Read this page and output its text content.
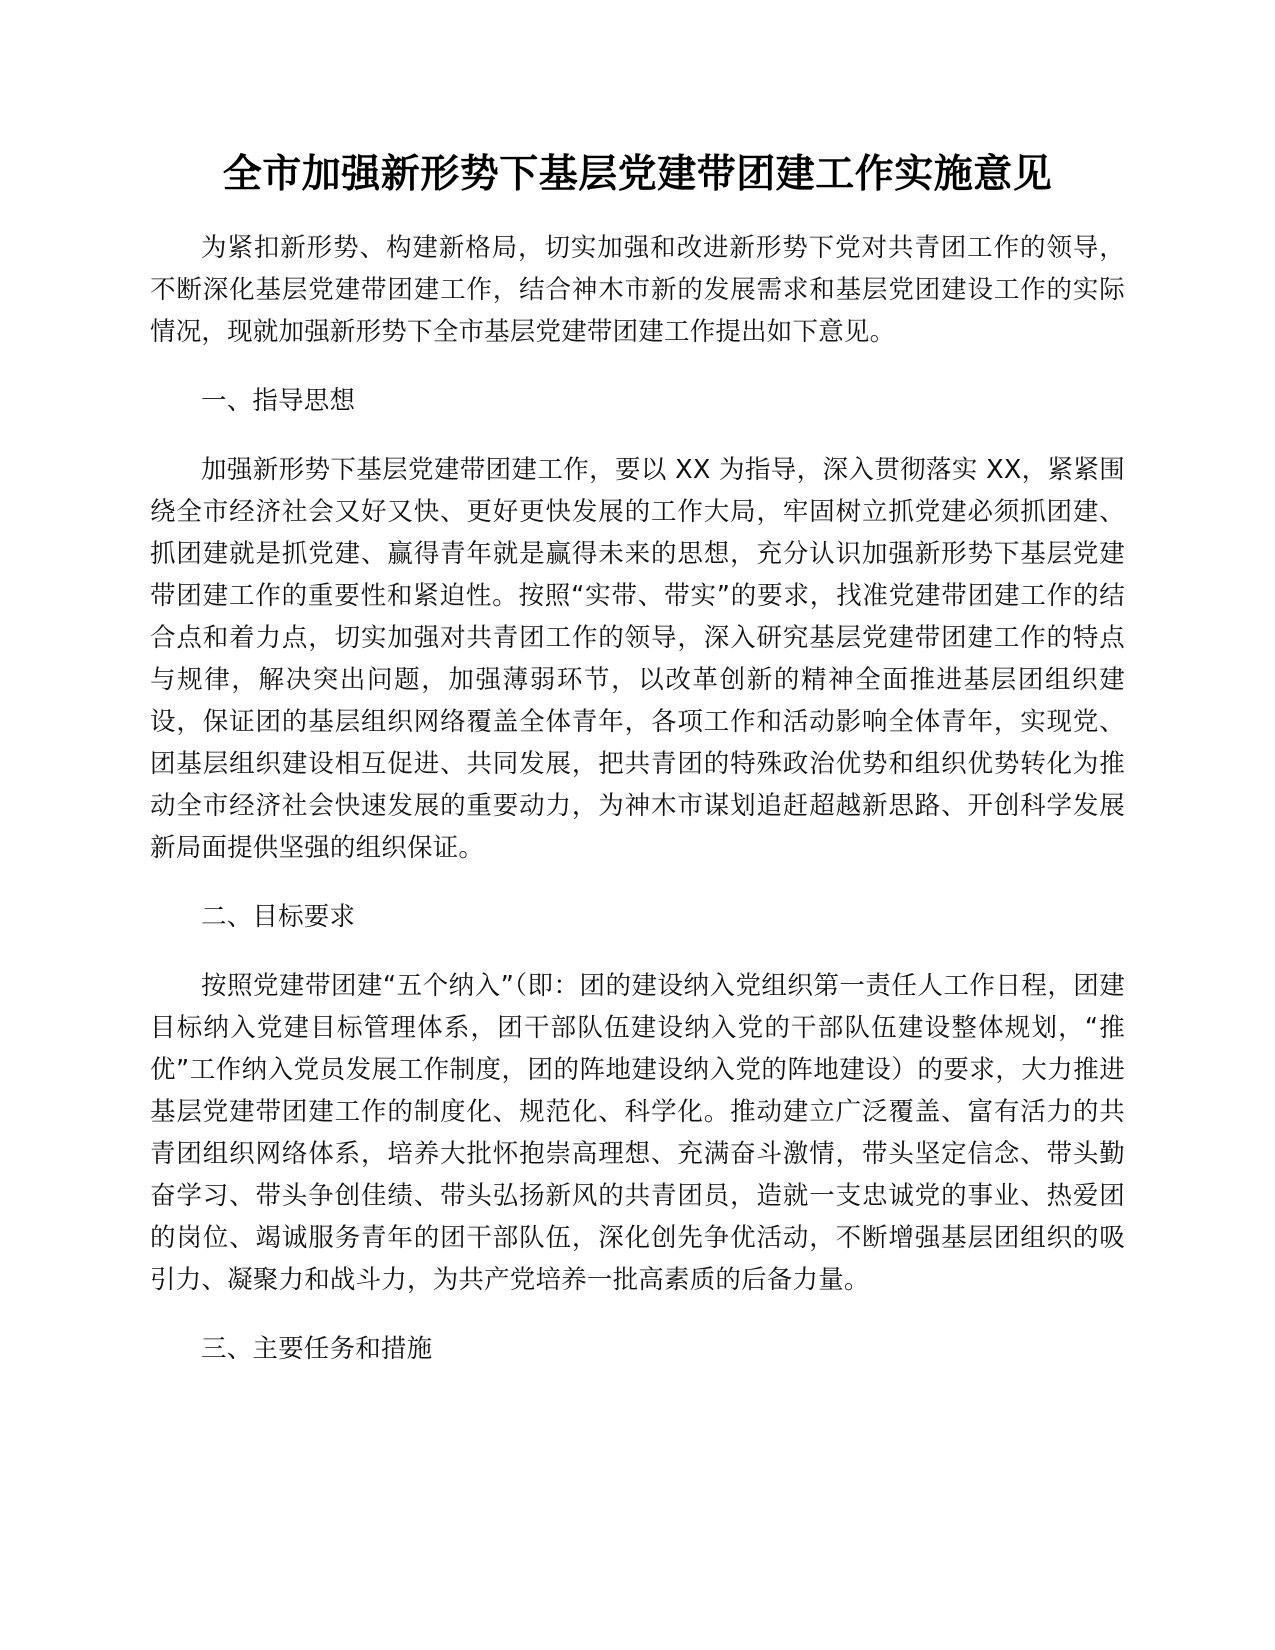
全市加强新形势下基层党建带团建工作实施意见

为紧扣新形势、构建新格局，切实加强和改进新形势下党对共青团工作的领导，不断深化基层党建带团建工作，结合神木市新的发展需求和基层党团建设工作的实际情况，现就加强新形势下全市基层党建带团建工作提出如下意见。

一、指导思想

加强新形势下基层党建带团建工作，要以 XX 为指导，深入贯彻落实 XX，紧紧围绕全市经济社会又好又快、更好更快发展的工作大局，牢固树立抓党建必须抓团建、抓团建就是抓党建、赢得青年就是赢得未来的思想，充分认识加强新形势下基层党建带团建工作的重要性和紧迫性。按照“实带、带实”的要求，找准党建带团建工作的结合点和着力点，切实加强对共青团工作的领导，深入研究基层党建带团建工作的特点与规律，解决突出问题，加强薄弱环节，以改革创新的精神全面推进基层团组织建设，保证团的基层组织网络覆盖全体青年，各项工作和活动影响全体青年，实现党、团基层组织建设相互促进、共同发展，把共青团的特殊政治优势和组织优势转化为推动全市经济社会快速发展的重要动力，为神木市谋划追赶超越新思路、开创科学发展新局面提供坚强的组织保证。

二、目标要求

按照党建带团建“五个纳入”（即：团的建设纳入党组织第一责任人工作日程，团建目标纳入党建目标管理体系，团干部队伍建设纳入党的干部队伍建设整体规划，“推优”工作纳入党员发展工作制度，团的阵地建设纳入党的阵地建设）的要求，大力推进基层党建带团建工作的制度化、规范化、科学化。推动建立广泛覆盖、富有活力的共青团组织网络体系，培养大批怀抱崇高理想、充满奋斗激情，带头坚定信念、带头勤奋学习、带头争创佳绩、带头弘扬新风的共青团员，造就一支忠诚党的事业、热爱团的岗位、竭诚服务青年的团干部队伍，深化创先争优活动，不断增强基层团组织的吸引力、凝聚力和战斗力，为共产党培养一批高素质的后备力量。

三、主要任务和措施
